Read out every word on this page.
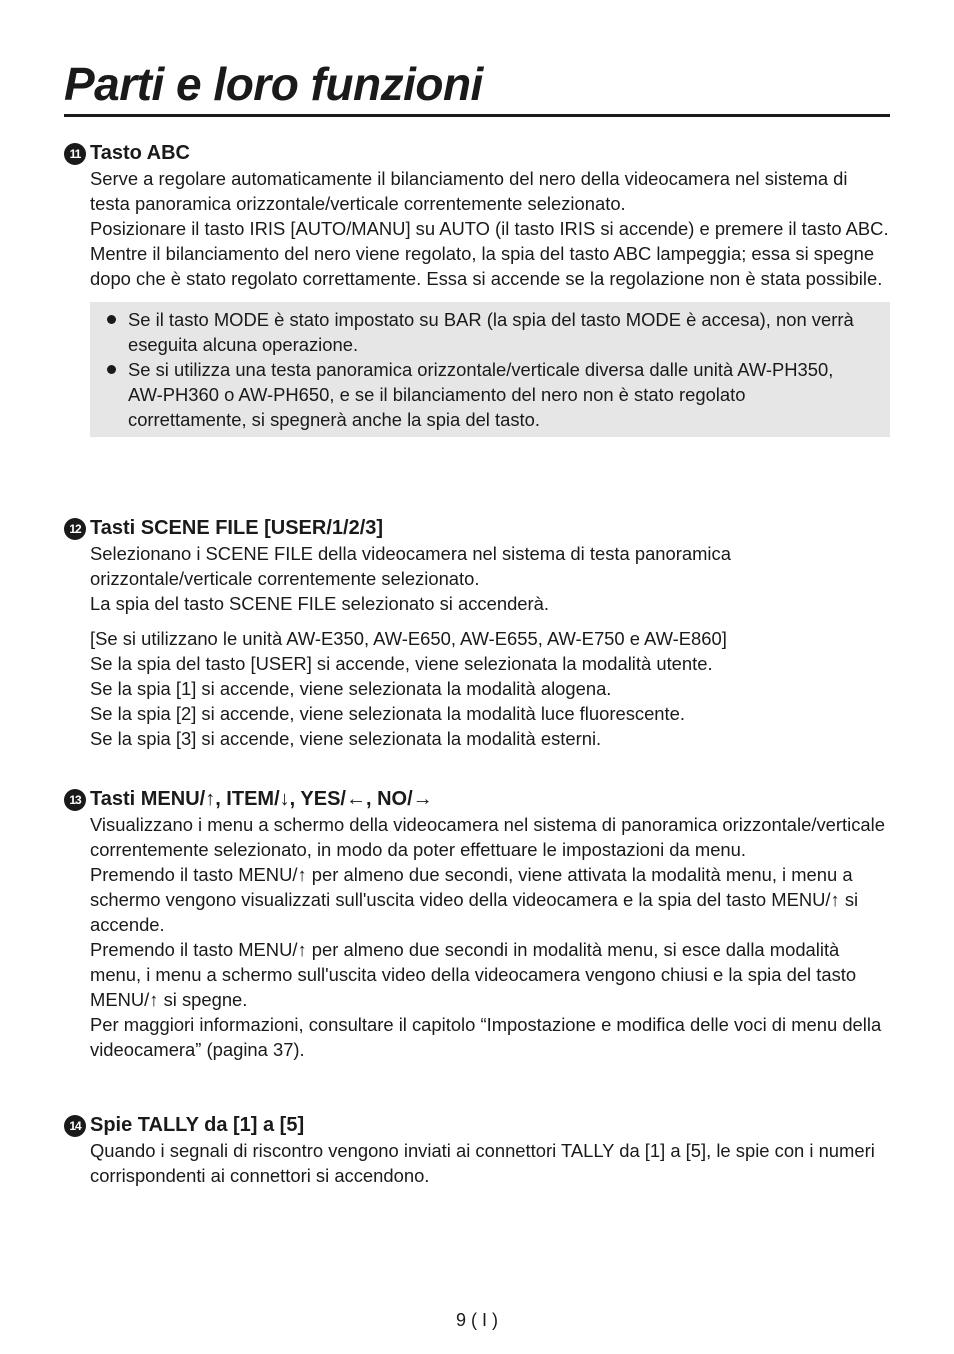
Parti e loro funzioni
11 Tasto ABC

Serve a regolare automaticamente il bilanciamento del nero della videocamera nel sistema di testa panoramica orizzontale/verticale correntemente selezionato.

Posizionare il tasto IRIS [AUTO/MANU] su AUTO (il tasto IRIS si accende) e premere il tasto ABC.

Mentre il bilanciamento del nero viene regolato, la spia del tasto ABC lampeggia; essa si spegne dopo che è stato regolato correttamente. Essa si accende se la regolazione non è stata possibile.

Se il tasto MODE è stato impostato su BAR (la spia del tasto MODE è accesa), non verrà eseguita alcuna operazione.
Se si utilizza una testa panoramica orizzontale/verticale diversa dalle unità AW-PH350, AW-PH360 o AW-PH650, e se il bilanciamento del nero non è stato regolato correttamente, si spegnerà anche la spia del tasto.
12 Tasti SCENE FILE [USER/1/2/3]

Selezionano i SCENE FILE della videocamera nel sistema di testa panoramica orizzontale/verticale correntemente selezionato.

La spia del tasto SCENE FILE selezionato si accenderà.

[Se si utilizzano le unità AW-E350, AW-E650, AW-E655, AW-E750 e AW-E860]

Se la spia del tasto [USER] si accende, viene selezionata la modalità utente.

Se la spia [1] si accende, viene selezionata la modalità alogena.

Se la spia [2] si accende, viene selezionata la modalità luce fluorescente.

Se la spia [3] si accende, viene selezionata la modalità esterni.

13 Tasti MENU/↑, ITEM/↓, YES/←, NO/→

Visualizzano i menu a schermo della videocamera nel sistema di panoramica orizzontale/verticale correntemente selezionato, in modo da poter effettuare le impostazioni da menu.

Premendo il tasto MENU/↑ per almeno due secondi, viene attivata la modalità menu, i menu a schermo vengono visualizzati sull'uscita video della videocamera e la spia del tasto MENU/↑ si accende.

Premendo il tasto MENU/↑ per almeno due secondi in modalità menu, si esce dalla modalità menu, i menu a schermo sull'uscita video della videocamera vengono chiusi e la spia del tasto MENU/↑ si spegne.

Per maggiori informazioni, consultare il capitolo “Impostazione e modifica delle voci di menu della videocamera” (pagina 37).

14 Spie TALLY da [1] a [5]

Quando i segnali di riscontro vengono inviati ai connettori TALLY da [1] a [5], le spie con i numeri corrispondenti ai connettori si accendono.

9 ( I )
